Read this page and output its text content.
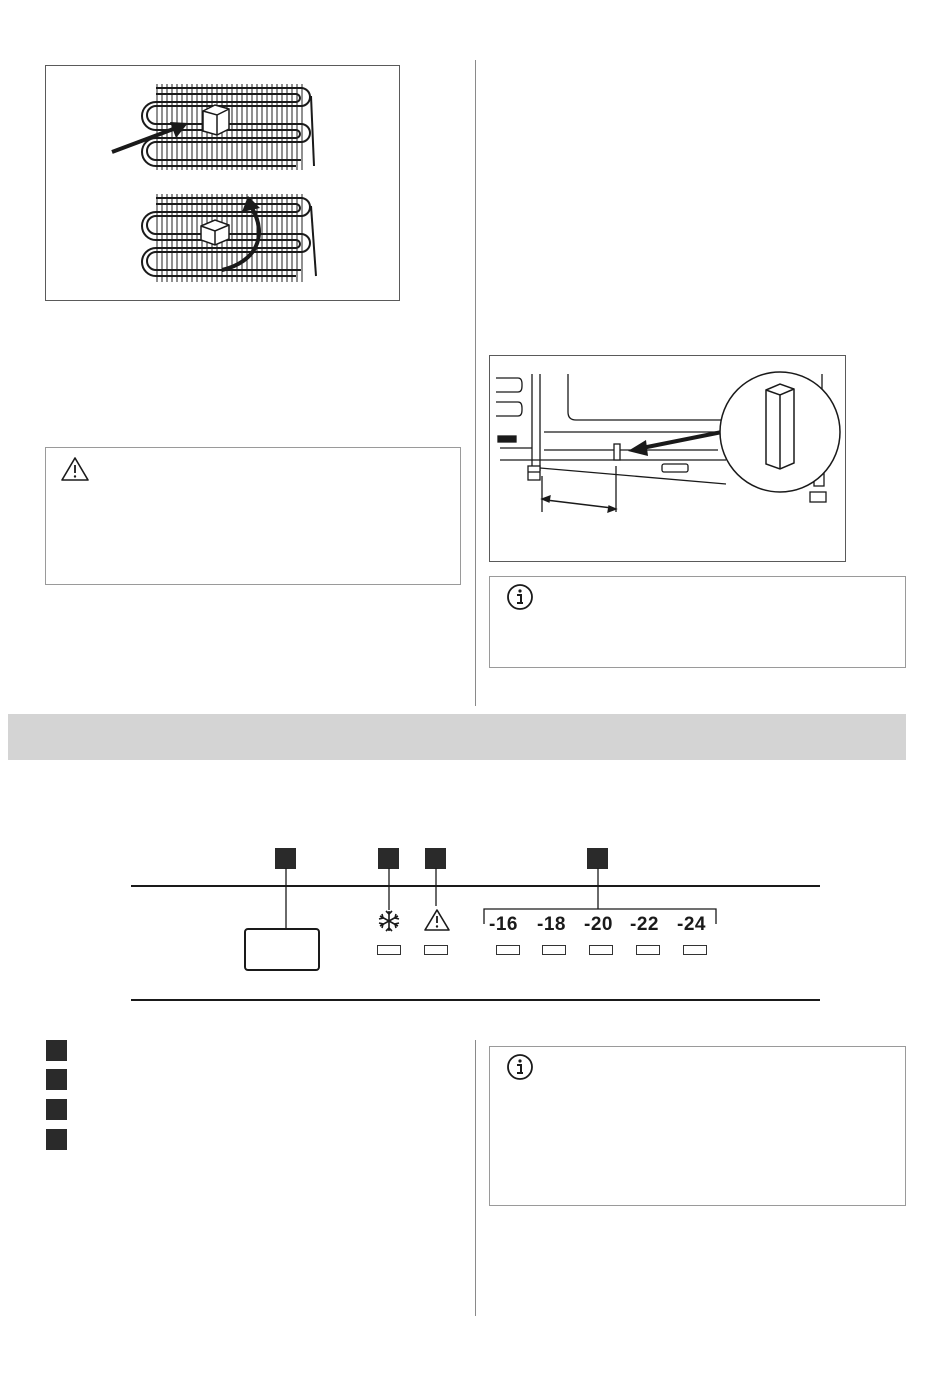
-16 -18 -20 -22 -24
